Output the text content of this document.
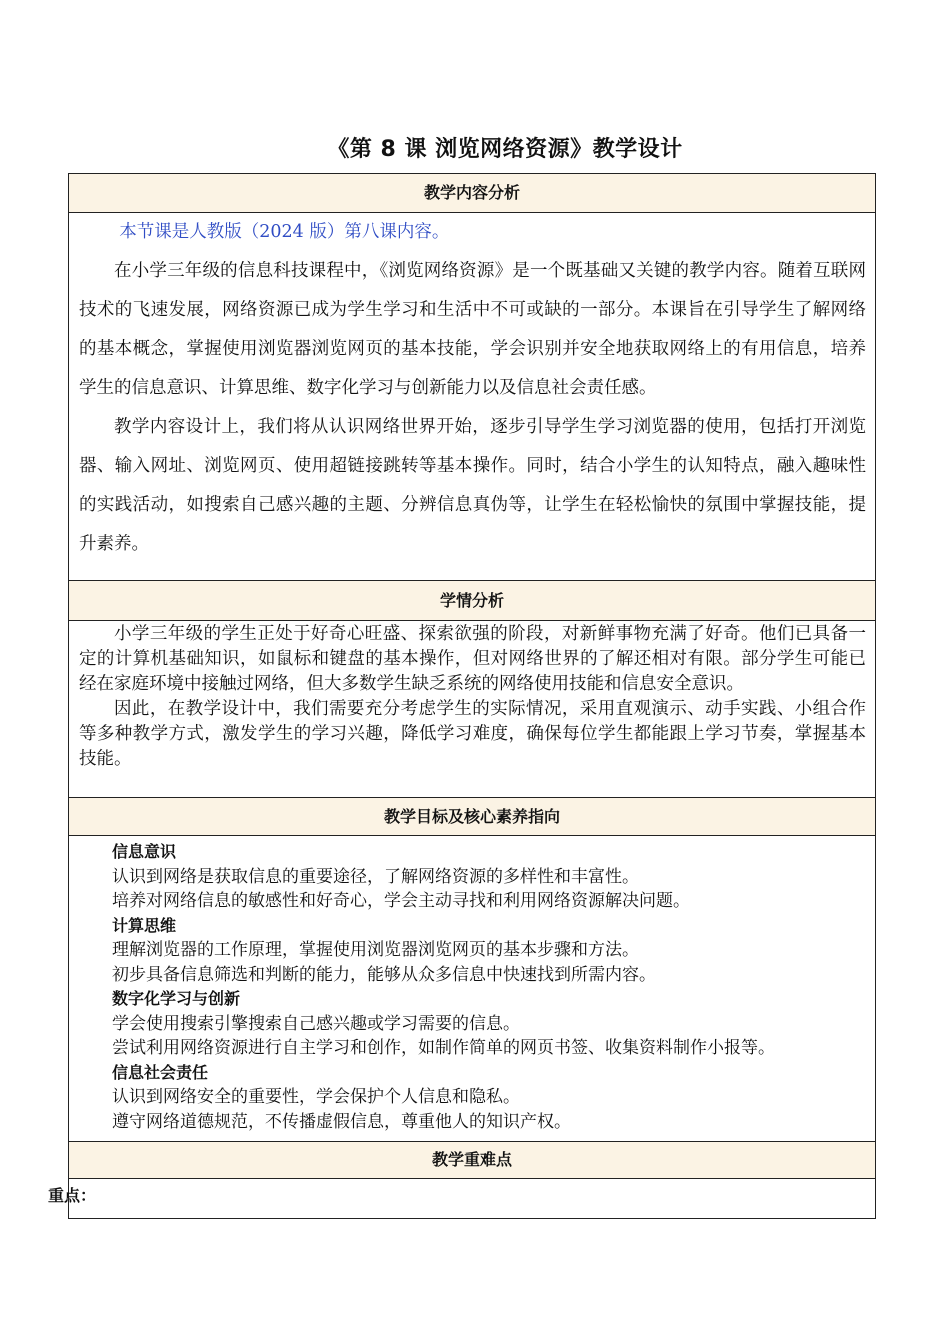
《第 8 课 浏览网络资源》教学设计
教学内容分析

本节课是人教版（2024 版）第八课内容。

在小学三年级的信息科技课程中，《浏览网络资源》是一个既基础又关键的教学内容。随着互联网技术的飞速发展，网络资源已成为学生学习和生活中不可或缺的一部分。本课旨在引导学生了解网络的基本概念，掌握使用浏览器浏览网页的基本技能，学会识别并安全地获取网络上的有用信息，培养学生的信息意识、计算思维、数字化学习与创新能力以及信息社会责任感。

教学内容设计上，我们将从认识网络世界开始，逐步引导学生学习浏览器的使用，包括打开浏览器、输入网址、浏览网页、使用超链接跳转等基本操作。同时，结合小学生的认知特点，融入趣味性的实践活动，如搜索自己感兴趣的主题、分辨信息真伪等，让学生在轻松愉快的氛围中掌握技能，提升素养。

学情分析

小学三年级的学生正处于好奇心旺盛、探索欲强的阶段，对新鲜事物充满了好奇。他们已具备一定的计算机基础知识，如鼠标和键盘的基本操作，但对网络世界的了解还相对有限。部分学生可能已经在家庭环境中接触过网络，但大多数学生缺乏系统的网络使用技能和信息安全意识。

因此，在教学设计中，我们需要充分考虑学生的实际情况，采用直观演示、动手实践、小组合作等多种教学方式，激发学生的学习兴趣，降低学习难度，确保每位学生都能跟上学习节奏，掌握基本技能。

教学目标及核心素养指向
信息意识
认识到网络是获取信息的重要途径，了解网络资源的多样性和丰富性。
培养对网络信息的敏感性和好奇心，学会主动寻找和利用网络资源解决问题。
计算思维
理解浏览器的工作原理，掌握使用浏览器浏览网页的基本步骤和方法。
初步具备信息筛选和判断的能力，能够从众多信息中快速找到所需内容。
数字化学习与创新
学会使用搜索引擎搜索自己感兴趣或学习需要的信息。
尝试利用网络资源进行自主学习和创作，如制作简单的网页书签、收集资料制作小报等。
信息社会责任
认识到网络安全的重要性，学会保护个人信息和隐私。
遵守网络道德规范，不传播虚假信息，尊重他人的知识产权。
教学重难点
重点：
